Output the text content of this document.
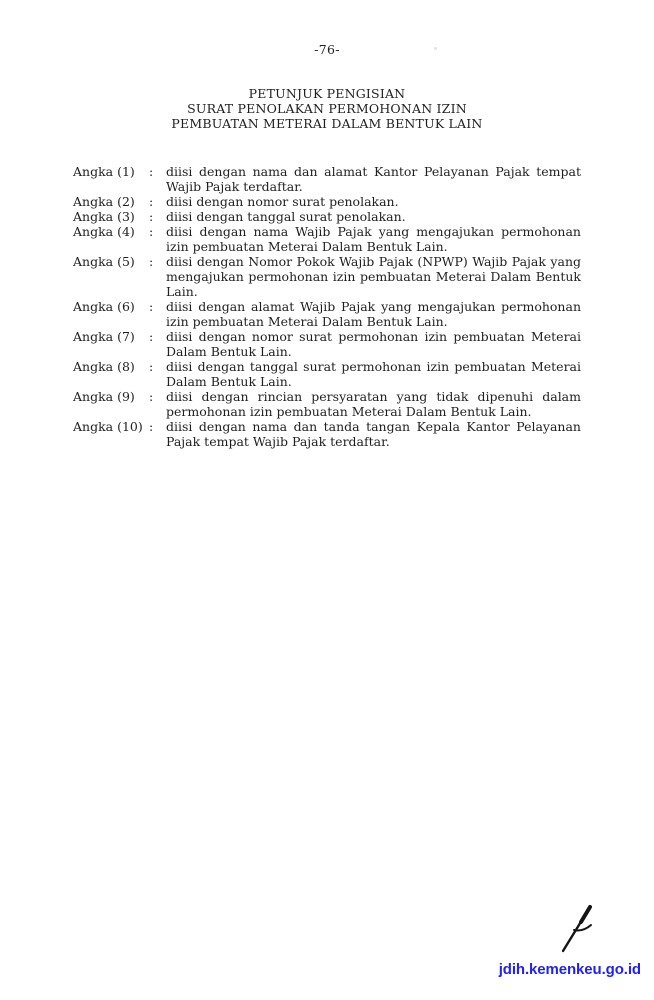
-76-
PETUNJUK PENGISIAN
SURAT PENOLAKAN PERMOHONAN IZIN
PEMBUATAN METERAI DALAM BENTUK LAIN
Angka (1)	:	diisi dengan nama dan alamat Kantor Pelayanan Pajak tempat Wajib Pajak terdaftar.
Angka (2)	:	diisi dengan nomor surat penolakan.
Angka (3)	:	diisi dengan tanggal surat penolakan.
Angka (4)	:	diisi dengan nama Wajib Pajak yang mengajukan permohonan izin pembuatan Meterai Dalam Bentuk Lain.
Angka (5)	:	diisi dengan Nomor Pokok Wajib Pajak (NPWP) Wajib Pajak yang mengajukan permohonan izin pembuatan Meterai Dalam Bentuk Lain.
Angka (6)	:	diisi dengan alamat Wajib Pajak yang mengajukan permohonan izin pembuatan Meterai Dalam Bentuk Lain.
Angka (7)	:	diisi dengan nomor surat permohonan izin pembuatan Meterai Dalam Bentuk Lain.
Angka (8)	:	diisi dengan tanggal surat permohonan izin pembuatan Meterai Dalam Bentuk Lain.
Angka (9)	:	diisi dengan rincian persyaratan yang tidak dipenuhi dalam permohonan izin pembuatan Meterai Dalam Bentuk Lain.
Angka (10) :	diisi dengan nama dan tanda tangan Kepala Kantor Pelayanan Pajak tempat Wajib Pajak terdaftar.
jdih.kemenkeu.go.id
